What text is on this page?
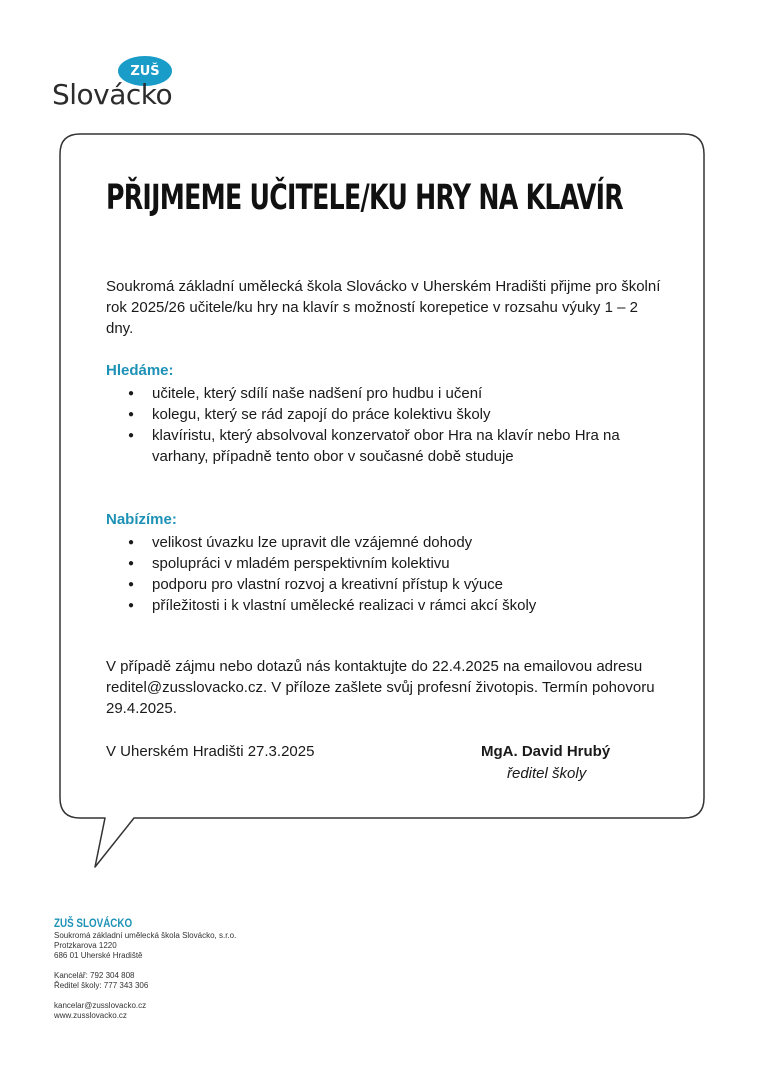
ZUŠ
Slovácko
PŘIJMEME UČITELE/KU HRY NA KLAVÍR

Soukromá základní umělecká škola Slovácko v Uherském Hradišti přijme pro školní rok 2025/26 učitele/ku hry na klavír s možností korepetice v rozsahu výuky 1 – 2 dny.

Hledáme:
● učitele, který sdílí naše nadšení pro hudbu i učení
● kolegu, který se rád zapojí do práce kolektivu školy
● klavíristu, který absolvoval konzervatoř obor Hra na klavír nebo Hra na varhany, případně tento obor v současné době studuje
Nabízíme:
● velikost úvazku lze upravit dle vzájemné dohody
● spolupráci v mladém perspektivním kolektivu
● podporu pro vlastní rozvoj a kreativní přístup k výuce
● příležitosti i k vlastní umělecké realizaci v rámci akcí školy

V případě zájmu nebo dotazů nás kontaktujte do 22.4.2025 na emailovou adresu reditel@zusslovacko.cz. V příloze zašlete svůj profesní životopis. Termín pohovoru 29.4.2025.

V Uherském Hradišti 27.3.2025	MgA. David Hrubý
ředitel školy
ZUŠ SLOVÁCKO
Soukromá základní umělecká škola Slovácko, s.r.o.
Protzkarova 1220
686 01 Uherské Hradiště
Kancelář: 792 304 808
Ředitel školy: 777 343 306
kancelar@zusslovacko.cz
www.zusslovacko.cz
